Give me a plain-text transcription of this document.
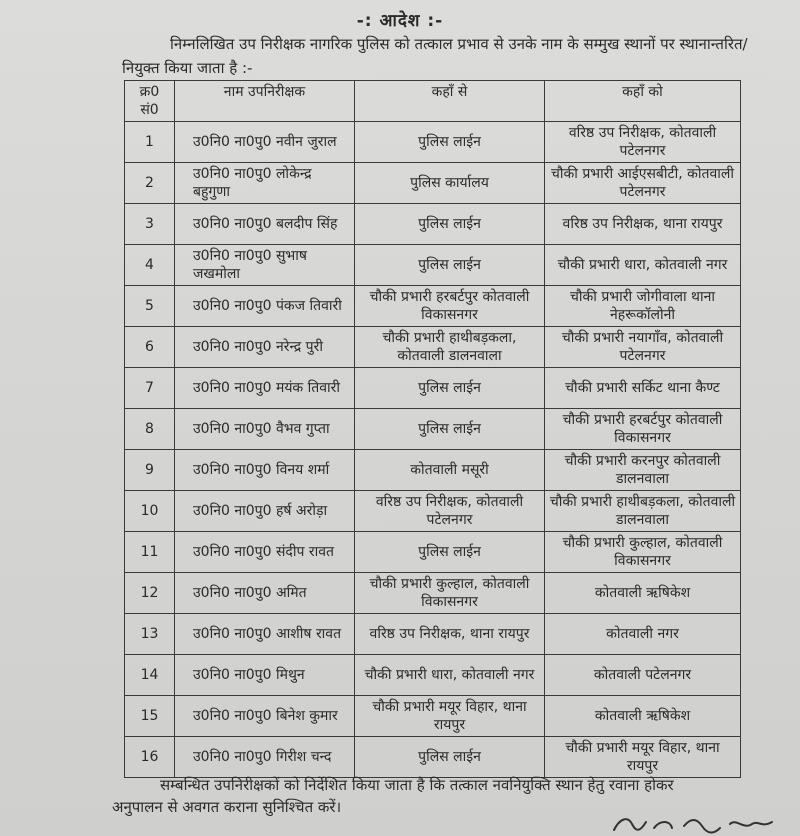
-: आदेश :-
निम्नलिखित उप निरीक्षक नागरिक पुलिस को तत्काल प्रभाव से उनके नाम के सम्मुख स्थानों पर स्थानान्तरित/नियुक्त किया जाता है :-
क्र0 सं0	नाम उपनिरीक्षक	कहाँ से	कहाँ को
1	उ0नि0 ना0पु0 नवीन जुराल	पुलिस लाईन	वरिष्ठ उप निरीक्षक, कोतवाली पटेलनगर
2	उ0नि0 ना0पु0 लोकेन्द्र बहुगुणा	पुलिस कार्यालय	चौकी प्रभारी आईएसबीटी, कोतवाली पटेलनगर
3	उ0नि0 ना0पु0 बलदीप सिंह	पुलिस लाईन	वरिष्ठ उप निरीक्षक, थाना रायपुर
4	उ0नि0 ना0पु0 सुभाष जखमोला	पुलिस लाईन	चौकी प्रभारी धारा, कोतवाली नगर
5	उ0नि0 ना0पु0 पंकज तिवारी	चौकी प्रभारी हरबर्टपुर कोतवाली विकासनगर	चौकी प्रभारी जोगीवाला थाना नेहरूकॉलोनी
6	उ0नि0 ना0पु0 नरेन्द्र पुरी	चौकी प्रभारी हाथीबड़कला, कोतवाली डालनवाला	चौकी प्रभारी नयागाँव, कोतवाली पटेलनगर
7	उ0नि0 ना0पु0 मयंक तिवारी	पुलिस लाईन	चौकी प्रभारी सर्किट थाना कैण्ट
8	उ0नि0 ना0पु0 वैभव गुप्ता	पुलिस लाईन	चौकी प्रभारी हरबर्टपुर कोतवाली विकासनगर
9	उ0नि0 ना0पु0 विनय शर्मा	कोतवाली मसूरी	चौकी प्रभारी करनपुर कोतवाली डालनवाला
10	उ0नि0 ना0पु0 हर्ष अरोड़ा	वरिष्ठ उप निरीक्षक, कोतवाली पटेलनगर	चौकी प्रभारी हाथीबड़कला, कोतवाली डालनवाला
11	उ0नि0 ना0पु0 संदीप रावत	पुलिस लाईन	चौकी प्रभारी कुल्हाल, कोतवाली विकासनगर
12	उ0नि0 ना0पु0 अमित	चौकी प्रभारी कुल्हाल, कोतवाली विकासनगर	कोतवाली ऋषिकेश
13	उ0नि0 ना0पु0 आशीष रावत	वरिष्ठ उप निरीक्षक, थाना रायपुर	कोतवाली नगर
14	उ0नि0 ना0पु0 मिथुन	चौकी प्रभारी धारा, कोतवाली नगर	कोतवाली पटेलनगर
15	उ0नि0 ना0पु0 बिनेश कुमार	चौकी प्रभारी मयूर विहार, थाना रायपुर	कोतवाली ऋषिकेश
16	उ0नि0 ना0पु0 गिरीश चन्द	पुलिस लाईन	चौकी प्रभारी मयूर विहार, थाना रायपुर
सम्बन्धित उपनिरीक्षकों को निर्देशित किया जाता है कि तत्काल नवनियुक्ति स्थान हेतु रवाना होकर अनुपालन से अवगत कराना सुनिश्चित करें।
